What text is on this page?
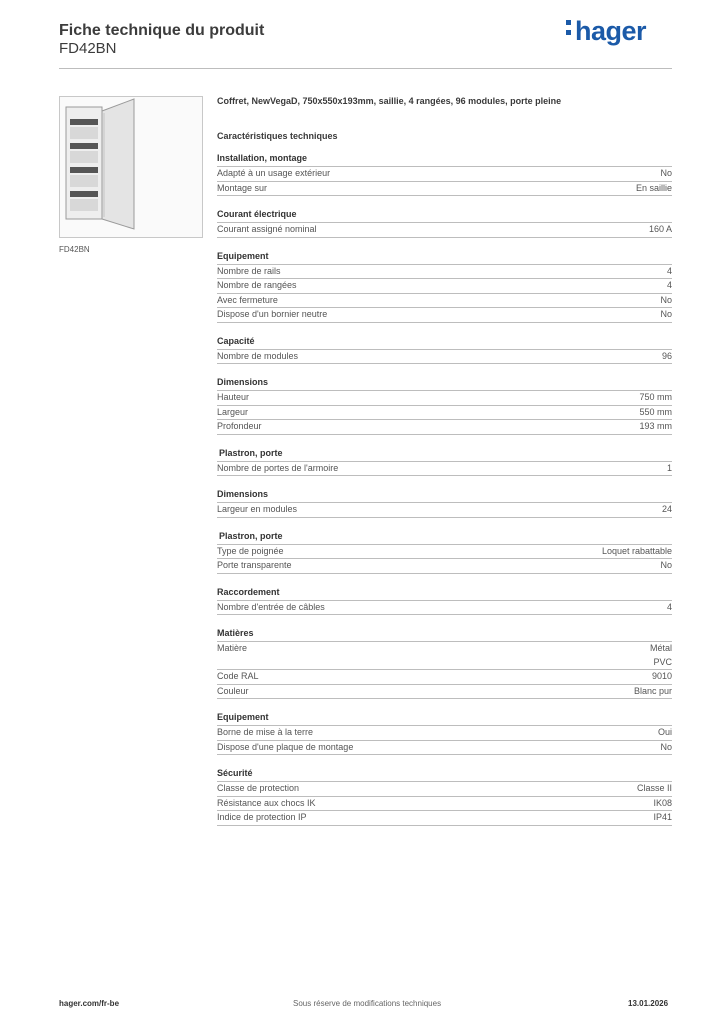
Fiche technique du produit
FD42BN
hager
FD42BN
Coffret, NewVegaD, 750x550x193mm, saillie, 4 rangées, 96 modules, porte pleine
Caractéristiques techniques
Installation, montage
Adapté à un usage extérieur	No
Montage sur	En saillie
Courant électrique
Courant assigné nominal	160 A
Equipement
Nombre de rails	4
Nombre de rangées	4
Avec fermeture	No
Dispose d'un bornier neutre	No
Capacité
Nombre de modules	96
Dimensions
Hauteur	750 mm
Largeur	550 mm
Profondeur	193 mm
Plastron, porte
Nombre de portes de l'armoire	1
Dimensions
Largeur en modules	24
Plastron, porte
Type de poignée	Loquet rabattable
Porte transparente	No
Raccordement
Nombre d'entrée de câbles	4
Matières
Matière	Métal
PVC
Code RAL	9010
Couleur	Blanc pur
Equipement
Borne de mise à la terre	Oui
Dispose d'une plaque de montage	No
Sécurité
Classe de protection	Classe II
Résistance aux chocs IK	IK08
Indice de protection IP	IP41
hager.com/fr-be	Sous réserve de modifications techniques	13.01.2026
